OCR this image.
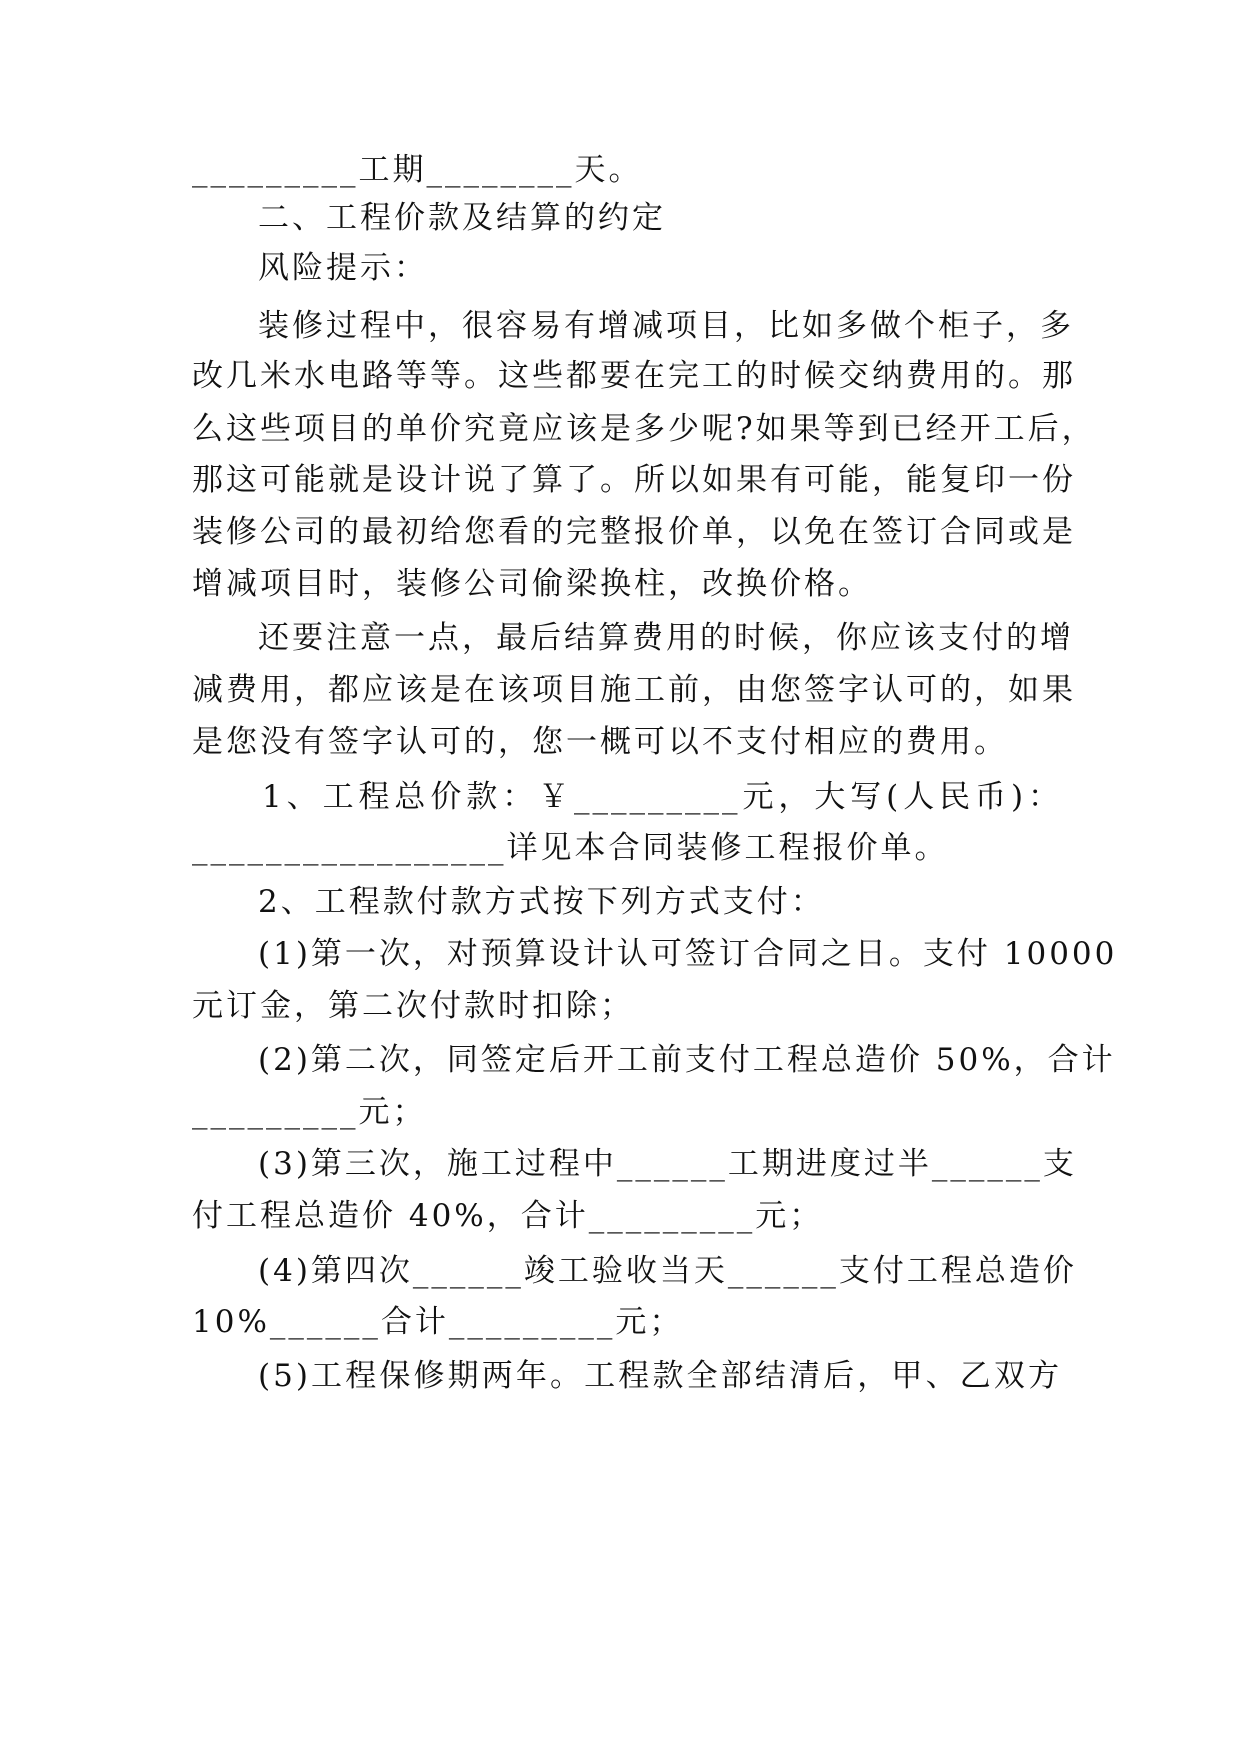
_________工期________天。
二、工程价款及结算的约定
风险提示：
装修过程中，很容易有增减项目，比如多做个柜子，多
改几米水电路等等。这些都要在完工的时候交纳费用的。那
么这些项目的单价究竟应该是多少呢?如果等到已经开工后，
那这可能就是设计说了算了。所以如果有可能，能复印一份
装修公司的最初给您看的完整报价单，以免在签订合同或是
增减项目时，装修公司偷梁换柱，改换价格。
还要注意一点，最后结算费用的时候，你应该支付的增
减费用，都应该是在该项目施工前，由您签字认可的，如果
是您没有签字认可的，您一概可以不支付相应的费用。
1、工程总价款：￥_________元，大写(人民币)：
_________________详见本合同装修工程报价单。
2、工程款付款方式按下列方式支付：
(1)第一次，对预算设计认可签订合同之日。支付 10000
元订金，第二次付款时扣除；
(2)第二次，同签定后开工前支付工程总造价 50%，合计
_________元；
(3)第三次，施工过程中______工期进度过半______支
付工程总造价 40%，合计_________元；
(4)第四次______竣工验收当天______支付工程总造价
10%______合计_________元；
(5)工程保修期两年。工程款全部结清后，甲、乙双方
